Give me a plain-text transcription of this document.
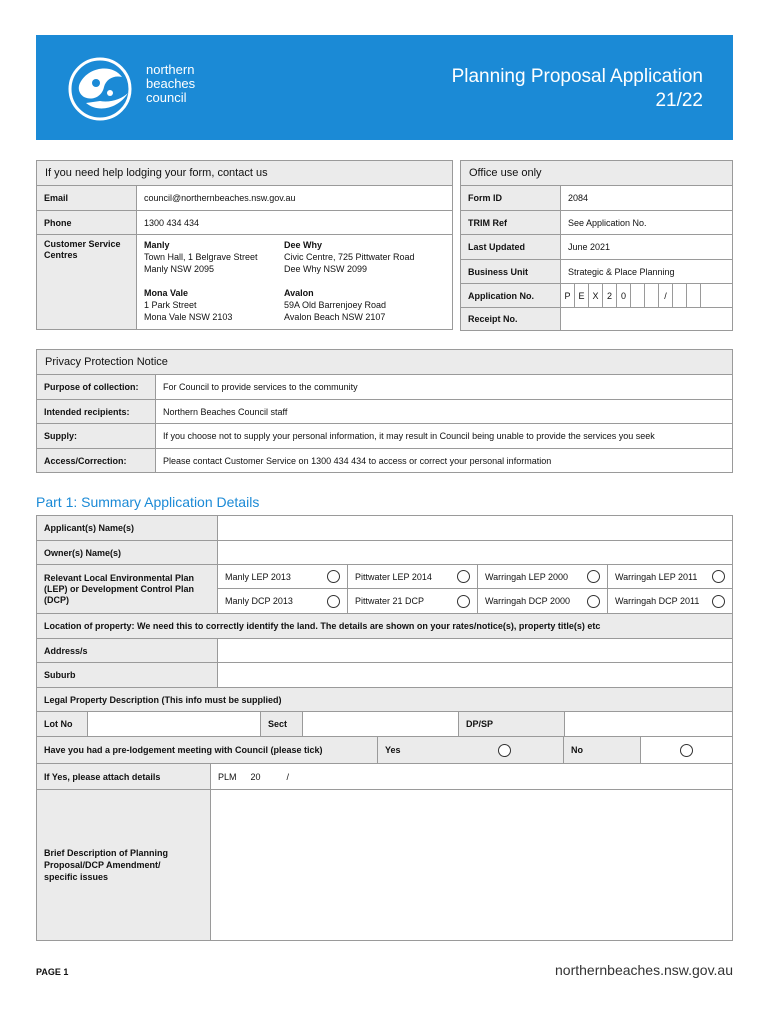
northern
beaches
council
Planning Proposal Application
21/22
If you need help lodging your form, contact us
Email	council@northernbeaches.nsw.gov.au
Phone	1300 434 434
Customer Service Centres
Manly
Town Hall, 1 Belgrave Street
Manly NSW 2095
Dee Why
Civic Centre, 725 Pittwater Road
Dee Why NSW 2099
Mona Vale
1 Park Street
Mona Vale NSW 2103
Avalon
59A Old Barrenjoey Road
Avalon Beach NSW 2107
Office use only
Form ID	2084
TRIM Ref	See Application No.
Last Updated	June 2021
Business Unit	Strategic & Place Planning
Application No.	P E X 2 0	/
Receipt No.
Privacy Protection Notice
Purpose of collection:	For Council to provide services to the community
Intended recipients:	Northern Beaches Council staff
Supply:	If you choose not to supply your personal information, it may result in Council being unable to provide the services you seek
Access/Correction:	Please contact Customer Service on 1300 434 434 to access or correct your personal information
Part 1: Summary Application Details
Applicant(s) Name(s)
Owner(s) Name(s)
Relevant Local Environmental Plan (LEP) or Development Control Plan (DCP)
Manly LEP 2013	Pittwater LEP 2014	Warringah LEP 2000	Warringah LEP 2011
Manly DCP 2013	Pittwater 21 DCP	Warringah DCP 2000	Warringah DCP 2011
Location of property: We need this to correctly identify the land. The details are shown on your rates/notice(s), property title(s) etc
Address/s
Suburb
Legal Property Description (This info must be supplied)
Lot No	Sect	DP/SP
Have you had a pre-lodgement meeting with Council (please tick)	Yes	No
If Yes, please attach details	PLM 20	/
Brief Description of Planning Proposal/DCP Amendment/ specific issues
PAGE 1	northernbeaches.nsw.gov.au
